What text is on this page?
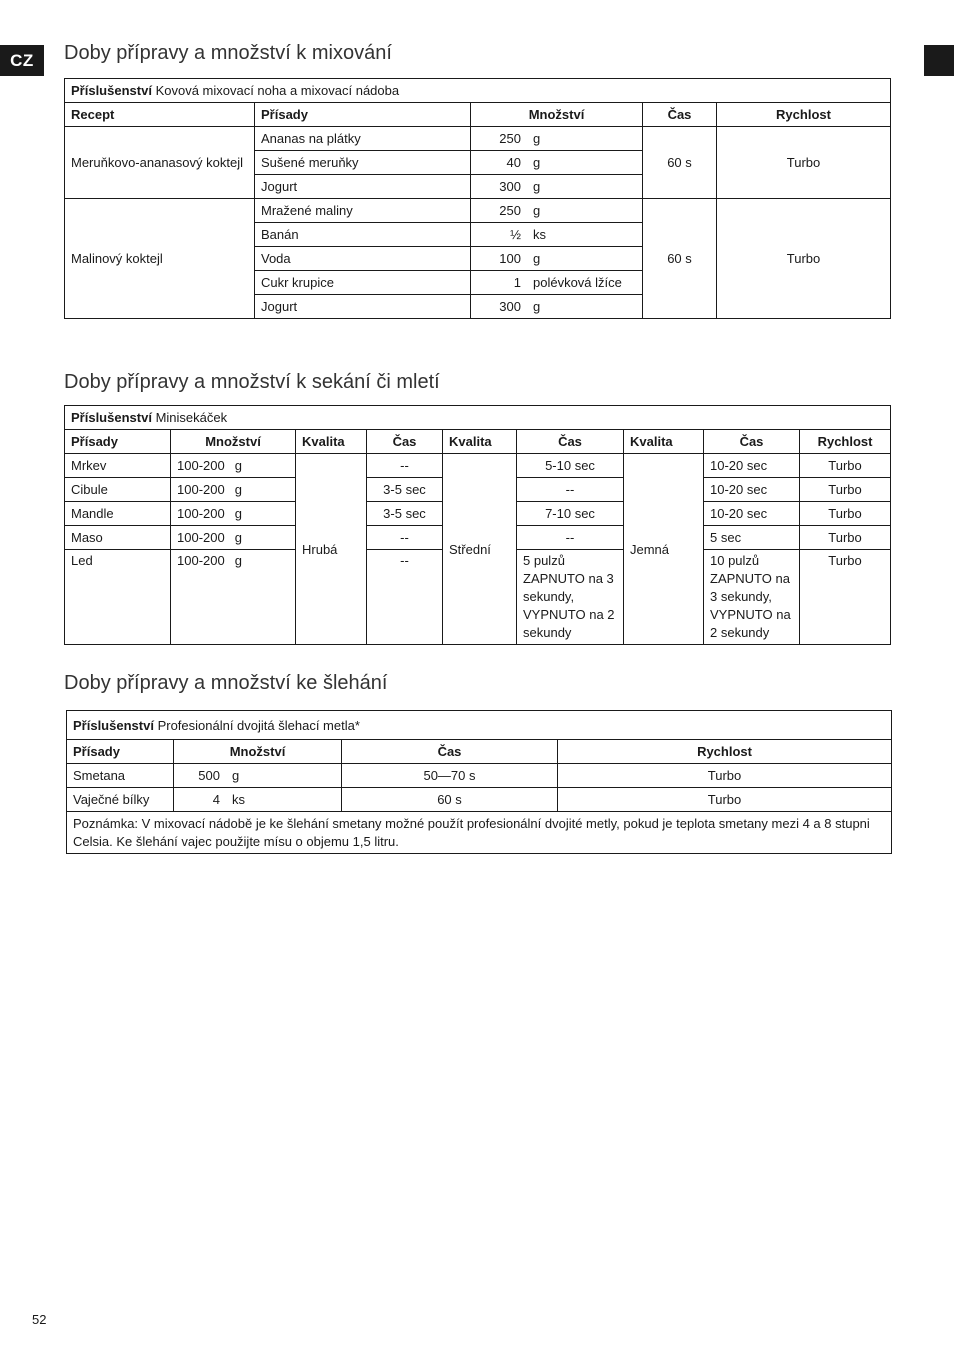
CZ Doby přípravy a množství k mixování
Příslušenství Kovová mixovací noha a mixovací nádoba				
Recept	Přísady	Množství	Čas	Rychlost
Meruňkovo-ananasový koktejl	Ananas na plátky	250 g	60 s	Turbo
	Sušené meruňky	40 g		
	Jogurt	300 g		
Malinový koktejl	Mražené maliny	250 g	60 s	Turbo
	Banán	½ ks		
	Voda	100 g		
	Cukr krupice	1 polévková lžíce		
	Jogurt	300 g		
Doby přípravy a množství k sekání či mletí
Příslušenství Minisekáček								
Přísady	Množství	Kvalita	Čas	Kvalita	Čas	Kvalita	Čas	Rychlost
Mrkev	100-200 g	Hrubá	--	Střední	5-10 sec	Jemná	10-20 sec	Turbo
Cibule	100-200 g		3-5 sec		--		10-20 sec	Turbo
Mandle	100-200 g		3-5 sec		7-10 sec		10-20 sec	Turbo
Maso	100-200 g		--		--		5 sec	Turbo
Led	100-200 g		--		5 pulzů ZAPNUTO na 3 sekundy, VYPNUTO na 2 sekundy		10 pulzů ZAPNUTO na 3 sekundy, VYPNUTO na 2 sekundy	Turbo
Doby přípravy a množství ke šlehání
Příslušenství Profesionální dvojitá šlehací metla*			
Přísady	Množství	Čas	Rychlost
Smetana	500 g	50—70 s	Turbo
Vaječné bílky	4 ks	60 s	Turbo
Poznámka: V mixovací nádobě je ke šlehání smetany možné použít profesionální dvojité metly, pokud je teplota smetany mezi 4 a 8 stupni Celsia. Ke šlehání vajec použijte mísu o objemu 1,5 litru.			
52
